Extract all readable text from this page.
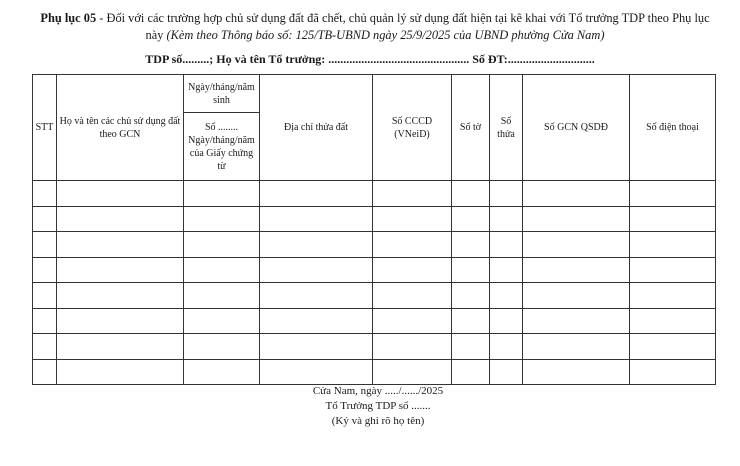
Phụ lục 05 - Đối với các trường hợp chủ sử dụng đất đã chết, chủ quản lý sử dụng đất hiện tại kê khai với Tổ trưởng TDP theo Phụ lục này (Kèm theo Thông báo số: 125/TB-UBND ngày 25/9/2025 của UBND phường Cửa Nam)
TDP số.........; Họ và tên Tổ trưởng: ............................................... Số ĐT:.............................
STT	Họ và tên các chủ sử dụng đất theo GCN	Ngày/tháng/năm sinh	Địa chỉ thửa đất	Số CCCD (VNeiD)	Số tờ	Số thửa	Số GCN QSDĐ	Số điện thoại
		Số ........ Ngày/tháng/năm của Giấy chứng từ						

Cửa Nam, ngày ...../....../2025
Tổ Trưởng TDP số .......
(Ký và ghi rõ họ tên)
